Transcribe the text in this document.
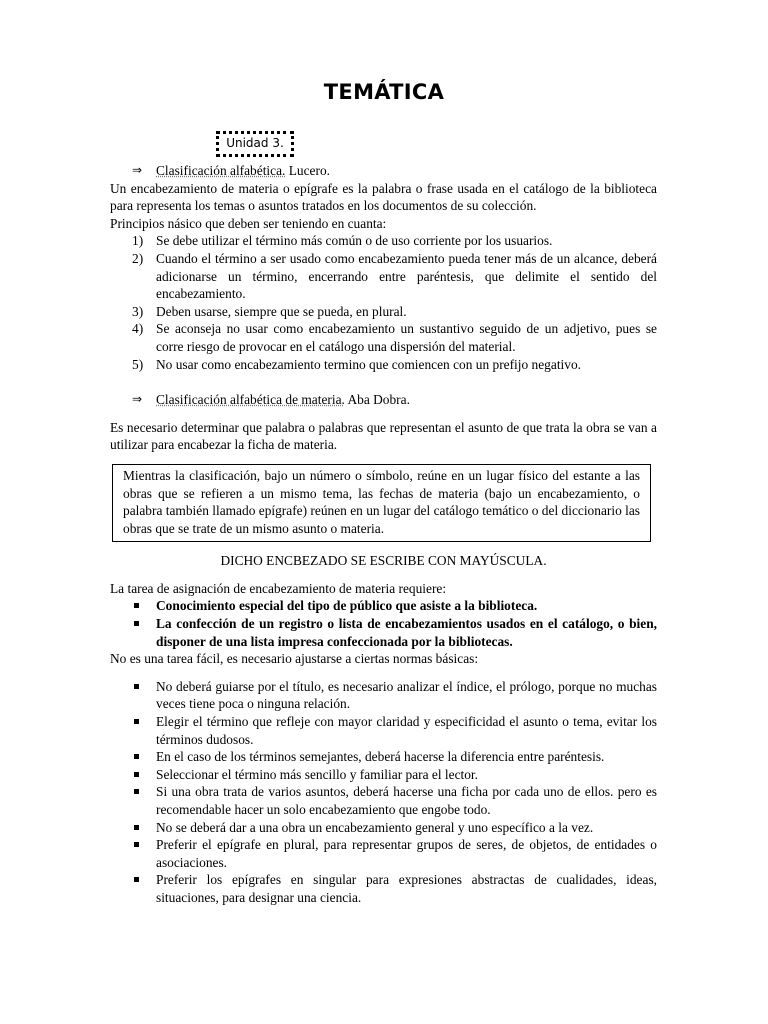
TEMÁTICA
Unidad 3.
⇒	Clasificación alfabética. Lucero.

Un encabezamiento de materia o epígrafe es la palabra o frase usada en el catálogo de la biblioteca para representa los temas o asuntos tratados en los documentos de su colección.

Principios násico que deben ser teniendo en cuanta:

1) Se debe utilizar el término más común o de uso corriente por los usuarios.
2) Cuando el término a ser usado como encabezamiento pueda tener más de un alcance, deberá adicionarse un término, encerrando entre paréntesis, que delimite el sentido del encabezamiento.
3) Deben usarse, siempre que se pueda, en plural.
4) Se aconseja no usar como encabezamiento un sustantivo seguido de un adjetivo, pues se corre riesgo de provocar en el catálogo una dispersión del material.
5) No usar como encabezamiento termino que comiencen con un prefijo negativo.
⇒	Clasificación alfabética de materia. Aba Dobra.

Es necesario determinar que palabra o palabras que representan el asunto de que trata la obra se van a utilizar para encabezar la ficha de materia.

Mientras la clasificación, bajo un número o símbolo, reúne en un lugar físico del estante a las obras que se refieren a un mismo tema, las fechas de materia (bajo un encabezamiento, o palabra también llamado epígrafe) reúnen en un lugar del catálogo temático o del diccionario las obras que se trate de un mismo asunto o materia.

DICHO ENCBEZADO SE ESCRIBE CON MAYÚSCULA.

La tarea de asignación de encabezamiento de materia requiere:

Conocimiento especial del tipo de público que asiste a la biblioteca.
La confección de un registro o lista de encabezamientos usados en el catálogo, o bien, disponer de una lista impresa confeccionada por la bibliotecas.

No es una tarea fácil, es necesario ajustarse a ciertas normas básicas:

No deberá guiarse por el título, es necesario analizar el índice, el prólogo, porque no muchas veces tiene poca o ninguna relación.
Elegir el término que refleje con mayor claridad y especificidad el asunto o tema, evitar los términos dudosos.
En el caso de los términos semejantes, deberá hacerse la diferencia entre paréntesis.
Seleccionar el término más sencillo y familiar para el lector.
Si una obra trata de varios asuntos, deberá hacerse una ficha por cada uno de ellos. pero es recomendable hacer un solo encabezamiento que engobe todo.
No se deberá dar a una obra un encabezamiento general y uno específico a la vez.
Preferir el epígrafe en plural, para representar grupos de seres, de objetos, de entidades o asociaciones.
Preferir los epígrafes en singular para expresiones abstractas de cualidades, ideas, situaciones, para designar una ciencia.
